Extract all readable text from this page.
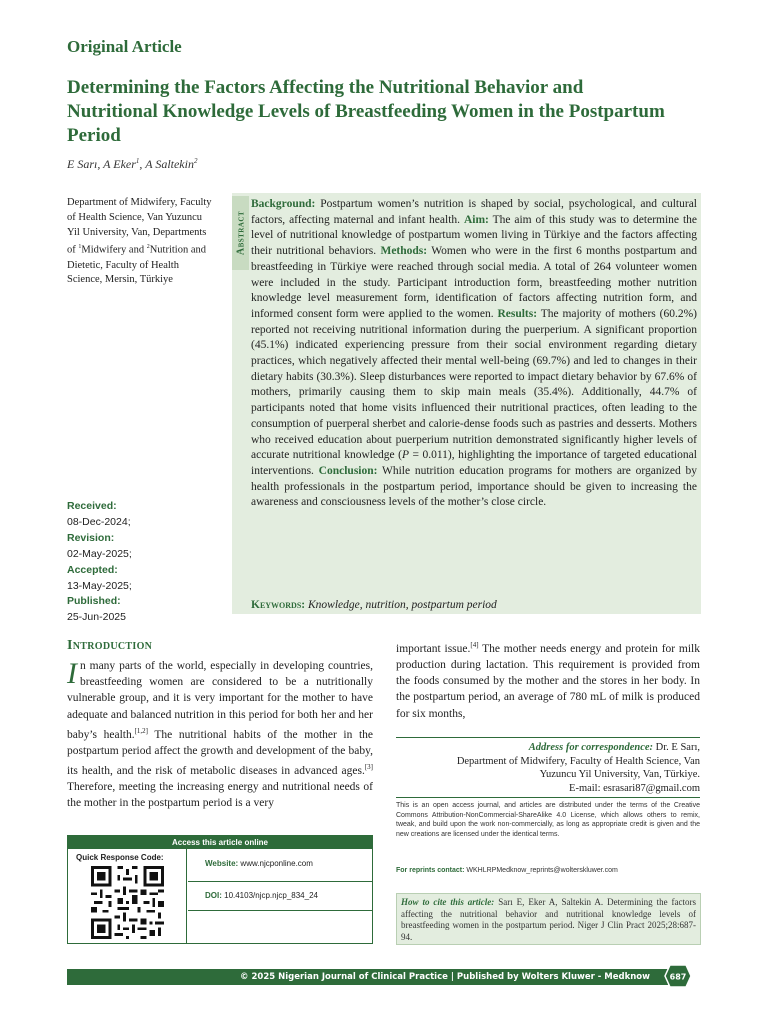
Original Article
Determining the Factors Affecting the Nutritional Behavior and Nutritional Knowledge Levels of Breastfeeding Women in the Postpartum Period
E Sarı, A Eker$^1$, A Saltekin$^2$
Department of Midwifery, Faculty of Health Science, Van Yuzuncu Yil University, Van, Departments of $^1$Midwifery and $^2$Nutrition and Dietetic, Faculty of Health Science, Mersin, Türkiye
Received:
08-Dec-2024;
Revision:
02-May-2025;
Accepted:
13-May-2025;
Published:
25-Jun-2025
Abstract
Background: Postpartum women’s nutrition is shaped by social, psychological, and cultural factors, affecting maternal and infant health. Aim: The aim of this study was to determine the level of nutritional knowledge of postpartum women living in Türkiye and the factors affecting their nutritional behaviors. Methods: Women who were in the first 6 months postpartum and breastfeeding in Türkiye were reached through social media. A total of 264 volunteer women were included in the study. Participant introduction form, breastfeeding mother nutrition knowledge level measurement form, identification of factors affecting nutrition form, and informed consent form were applied to the women. Results: The majority of mothers (60.2%) reported not receiving nutritional information during the puerperium. A significant proportion (45.1%) indicated experiencing pressure from their social environment regarding dietary practices, which negatively affected their mental well-being (69.7%) and led to changes in their dietary habits (30.3%). Sleep disturbances were reported to impact dietary behavior by 67.6% of mothers, primarily causing them to skip main meals (35.4%). Additionally, 44.7% of participants noted that home visits influenced their nutritional practices, often leading to the consumption of puerperal sherbet and calorie-dense foods such as pastries and desserts. Mothers who received education about puerperium nutrition demonstrated significantly higher levels of accurate nutritional knowledge (P = 0.011), highlighting the importance of targeted educational interventions. Conclusion: While nutrition education programs for mothers are organized by health professionals in the postpartum period, importance should be given to increasing the awareness and consciousness levels of the mother’s close circle.
Keywords: Knowledge, nutrition, postpartum period
Introduction
In many parts of the world, especially in developing countries, breastfeeding women are considered to be a nutritionally vulnerable group, and it is very important for the mother to have adequate and balanced nutrition in this period for both her and her baby’s health.[1,2] The nutritional habits of the mother in the postpartum period affect the growth and development of the baby, its health, and the risk of metabolic diseases in advanced ages.[3] Therefore, meeting the increasing energy and nutritional needs of the mother in the postpartum period is a very
important issue.[4] The mother needs energy and protein for milk production during lactation. This requirement is provided from the foods consumed by the mother and the stores in her body. In the postpartum period, an average of 780 mL of milk is produced for six months,
Address for correspondence: Dr. E Sarı,
Department of Midwifery, Faculty of Health Science, Van
Yuzuncu Yil University, Van, Türkiye.
E-mail: esrasari87@gmail.com
This is an open access journal, and articles are distributed under the terms of the Creative Commons Attribution-NonCommercial-ShareAlike 4.0 License, which allows others to remix, tweak, and build upon the work non-commercially, as long as appropriate credit is given and the new creations are licensed under the identical terms.
For reprints contact: WKHLRPMedknow_reprints@wolterskluwer.com
How to cite this article: Sarı E, Eker A, Saltekin A. Determining the factors affecting the nutritional behavior and nutritional knowledge levels of breastfeeding women in the postpartum period. Niger J Clin Pract 2025;28:687-94.
Access this article online
Quick Response Code:
Website: www.njcponline.com
DOI: 10.4103/njcp.njcp_834_24
© 2025 Nigerian Journal of Clinical Practice | Published by Wolters Kluwer - Medknow	687
